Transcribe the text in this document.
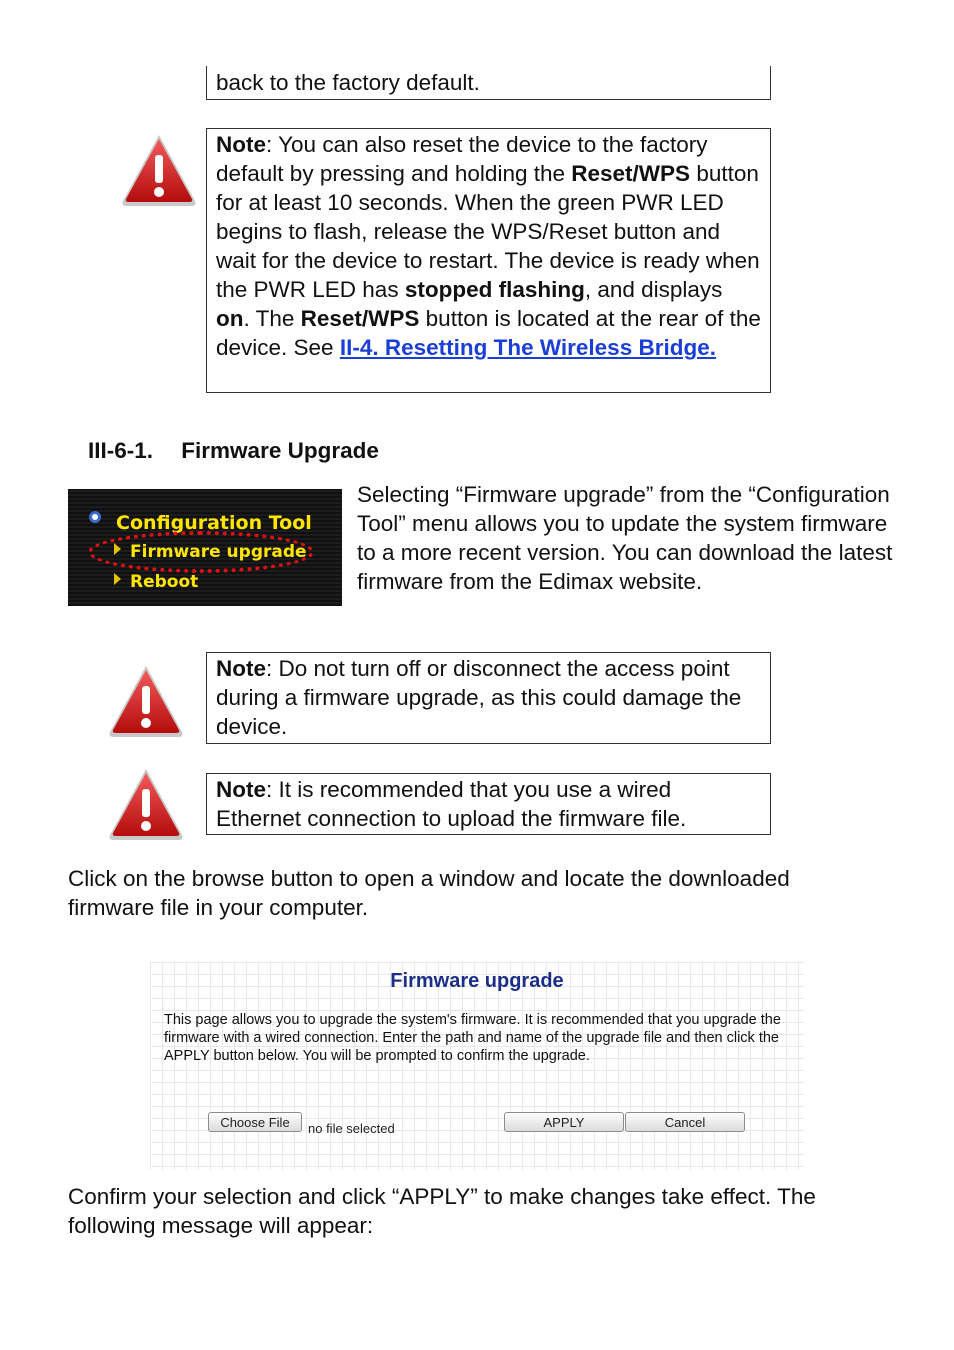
back to the factory default.
Note: You can also reset the device to the factory default by pressing and holding the Reset/WPS button for at least 10 seconds. When the green PWR LED begins to flash, release the WPS/Reset button and wait for the device to restart. The device is ready when the PWR LED has stopped flashing, and displays on. The Reset/WPS button is located at the rear of the device. See II-4. Resetting The Wireless Bridge.
III-6-1. Firmware Upgrade
Configuration Tool
Firmware upgrade
Reboot
Selecting “Firmware upgrade” from the “Configuration Tool” menu allows you to update the system firmware to a more recent version. You can download the latest firmware from the Edimax website.
Note: Do not turn off or disconnect the access point during a firmware upgrade, as this could damage the device.
Note: It is recommended that you use a wired Ethernet connection to upload the firmware file.
Click on the browse button to open a window and locate the downloaded firmware file in your computer.
Firmware upgrade
This page allows you to upgrade the system's firmware. It is recommended that you upgrade the firmware with a wired connection. Enter the path and name of the upgrade file and then click the APPLY button below. You will be prompted to confirm the upgrade.
Choose File	no file selected	APPLY	Cancel
Confirm your selection and click “APPLY” to make changes take effect. The following message will appear:
